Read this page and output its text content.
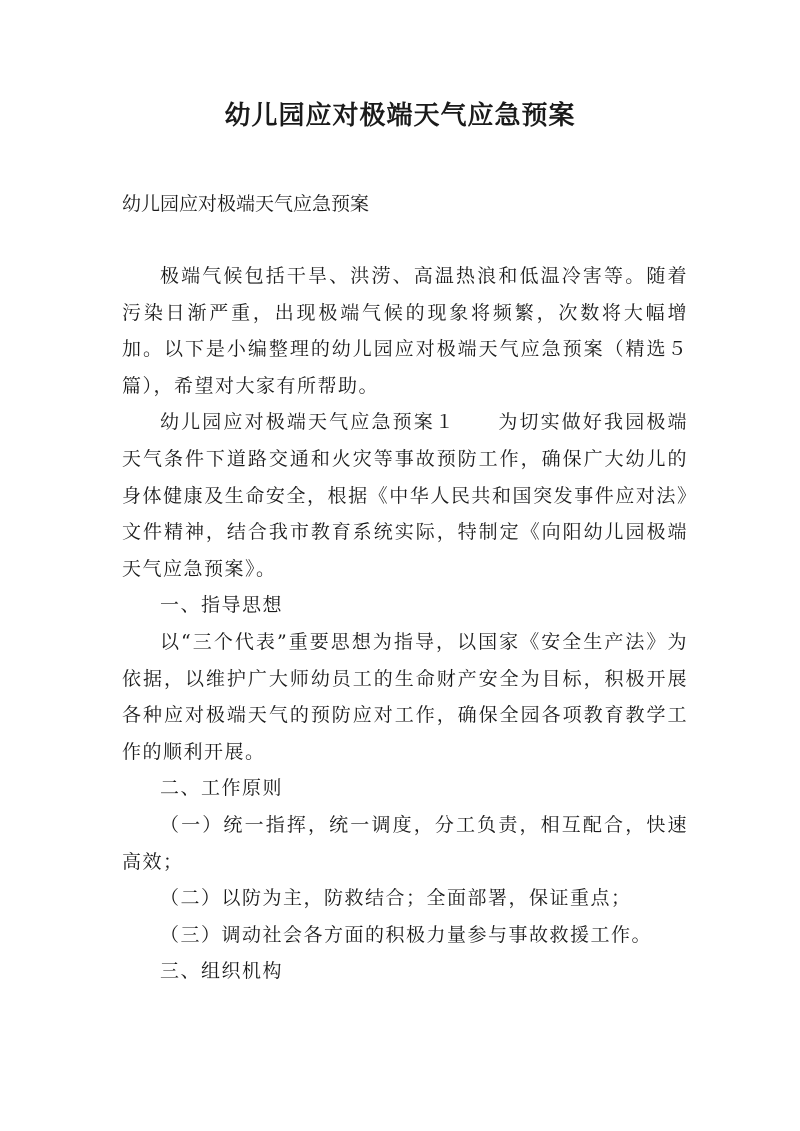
幼儿园应对极端天气应急预案
幼儿园应对极端天气应急预案

极端气候包括干旱、洪涝、高温热浪和低温冷害等。随着污染日渐严重，出现极端气候的现象将频繁，次数将大幅增加。以下是小编整理的幼儿园应对极端天气应急预案（精选５篇），希望对大家有所帮助。

幼儿园应对极端天气应急预案１　　为切实做好我园极端天气条件下道路交通和火灾等事故预防工作，确保广大幼儿的身体健康及生命安全，根据《中华人民共和国突发事件应对法》文件精神，结合我市教育系统实际，特制定《向阳幼儿园极端天气应急预案》。

一、指导思想

以“三个代表”重要思想为指导，以国家《安全生产法》为依据，以维护广大师幼员工的生命财产安全为目标，积极开展各种应对极端天气的预防应对工作，确保全园各项教育教学工作的顺利开展。

二、工作原则

（一）统一指挥，统一调度，分工负责，相互配合，快速高效；

（二）以防为主，防救结合；全面部署，保证重点；

（三）调动社会各方面的积极力量参与事故救援工作。

三、组织机构
